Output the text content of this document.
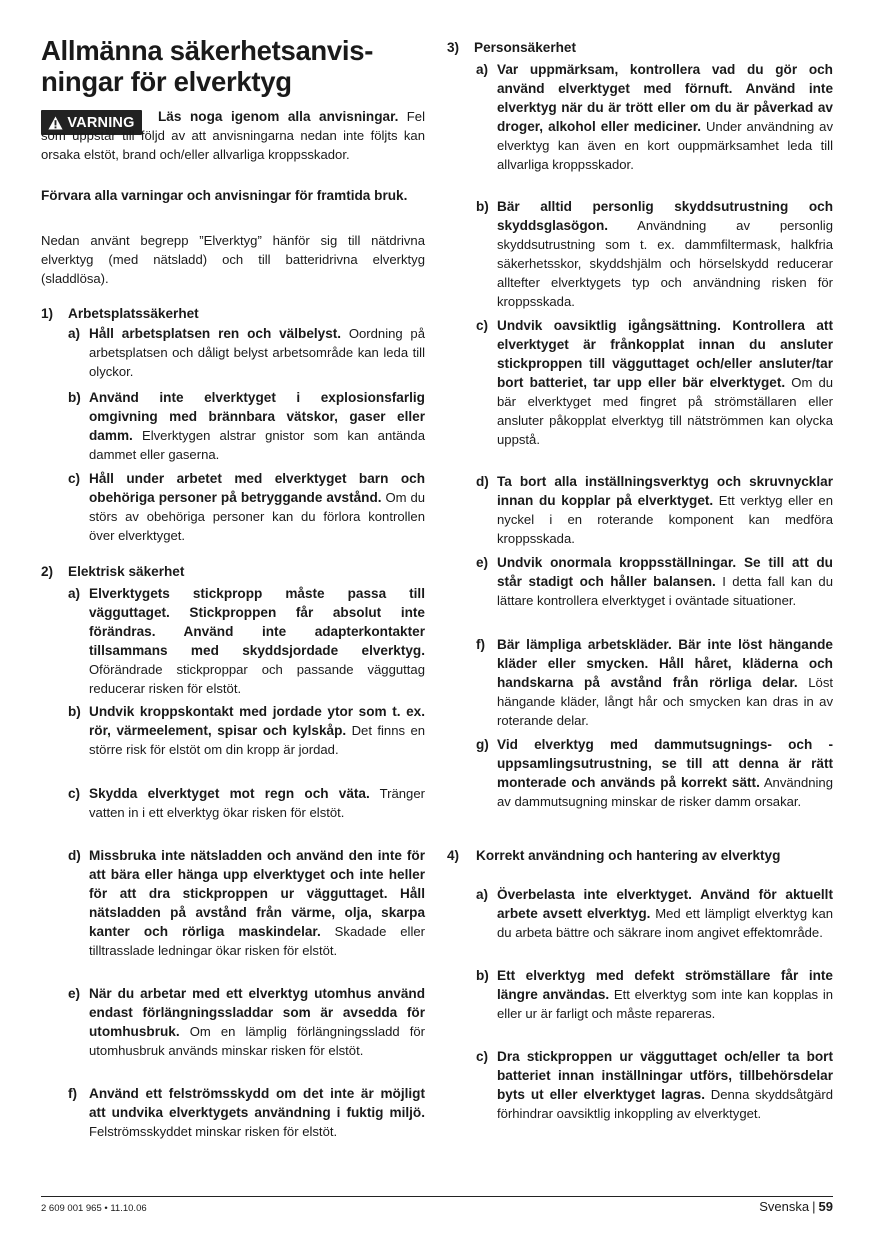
Allmänna säkerhetsanvis-
ningar för elverktyg
VARNING	Läs noga igenom alla anvisningar. Fel som uppstår till följd av att anvisningarna nedan inte följts kan orsaka elstöt, brand och/eller allvarliga kroppsskador.

Förvara alla varningar och anvisningar för framtida bruk.

Nedan använt begrepp ”Elverktyg” hänför sig till nätdrivna elverktyg (med nätsladd) och till batteridrivna elverktyg (sladdlösa).

1) Arbetsplatssäkerhet

a) Håll arbetsplatsen ren och välbelyst. Oordning på arbetsplatsen och dåligt belyst arbetsområde kan leda till olyckor.

b) Använd inte elverktyget i explosionsfarlig omgivning med brännbara vätskor, gaser eller damm. Elverktygen alstrar gnistor som kan antända dammet eller gaserna.

c) Håll under arbetet med elverktyget barn och obehöriga personer på betryggande avstånd. Om du störs av obehöriga personer kan du förlora kontrollen över elverktyget.

2) Elektrisk säkerhet

a) Elverktygets stickpropp måste passa till vägguttaget. Stickproppen får absolut inte förändras. Använd inte adapterkontakter tillsammans med skyddsjordade elverktyg. Oförändrade stickproppar och passande vägguttag reducerar risken för elstöt.

b) Undvik kroppskontakt med jordade ytor som t. ex. rör, värmeelement, spisar och kylskåp. Det finns en större risk för elstöt om din kropp är jordad.

c) Skydda elverktyget mot regn och väta. Tränger vatten in i ett elverktyg ökar risken för elstöt.

d) Missbruka inte nätsladden och använd den inte för att bära eller hänga upp elverktyget och inte heller för att dra stickproppen ur vägguttaget. Håll nätsladden på avstånd från värme, olja, skarpa kanter och rörliga maskindelar. Skadade eller tilltrasslade ledningar ökar risken för elstöt.

e) När du arbetar med ett elverktyg utomhus använd endast förlängningssladdar som är avsedda för utomhusbruk. Om en lämplig förlängningssladd för utomhusbruk används minskar risken för elstöt.

f) Använd ett felströmsskydd om det inte är möjligt att undvika elverktygets användning i fuktig miljö. Felströmsskyddet minskar risken för elstöt.

3) Personsäkerhet

a) Var uppmärksam, kontrollera vad du gör och använd elverktyget med förnuft. Använd inte elverktyg när du är trött eller om du är påverkad av droger, alkohol eller mediciner. Under användning av elverktyg kan även en kort ouppmärksamhet leda till allvarliga kroppsskador.

b) Bär alltid personlig skyddsutrustning och skyddsglasögon. Användning av personlig skyddsutrustning som t. ex. dammfiltermask, halkfria säkerhetsskor, skyddshjälm och hörselskydd reducerar alltefter elverktygets typ och användning risken för kroppsskada.

c) Undvik oavsiktlig igångsättning. Kontrollera att elverktyget är frånkopplat innan du ansluter stickproppen till vägguttaget och/eller ansluter/tar bort batteriet, tar upp eller bär elverktyget. Om du bär elverktyget med fingret på strömställaren eller ansluter påkopplat elverktyg till nätströmmen kan olycka uppstå.

d) Ta bort alla inställningsverktyg och skruvnycklar innan du kopplar på elverktyget. Ett verktyg eller en nyckel i en roterande komponent kan medföra kroppsskada.

e) Undvik onormala kroppsställningar. Se till att du står stadigt och håller balansen. I detta fall kan du lättare kontrollera elverktyget i oväntade situationer.

f) Bär lämpliga arbetskläder. Bär inte löst hängande kläder eller smycken. Håll håret, kläderna och handskarna på avstånd från rörliga delar. Löst hängande kläder, långt hår och smycken kan dras in av roterande delar.

g) Vid elverktyg med dammutsugnings- och -uppsamlingsutrustning, se till att denna är rätt monterade och används på korrekt sätt. Användning av dammutsugning minskar de risker damm orsakar.

4) Korrekt användning och hantering av elverktyg
a) Överbelasta inte elverktyget. Använd för aktuellt arbete avsett elverktyg. Med ett lämpligt elverktyg kan du arbeta bättre och säkrare inom angivet effektområde.

b) Ett elverktyg med defekt strömställare får inte längre användas. Ett elverktyg som inte kan kopplas in eller ur är farligt och måste repareras.

c) Dra stickproppen ur vägguttaget och/eller ta bort batteriet innan inställningar utförs, tillbehörsdelar byts ut eller elverktyget lagras. Denna skyddsåtgärd förhindrar oavsiktlig inkoppling av elverktyget.

2 609 001 965 • 11.10.06	Svenska | 59
